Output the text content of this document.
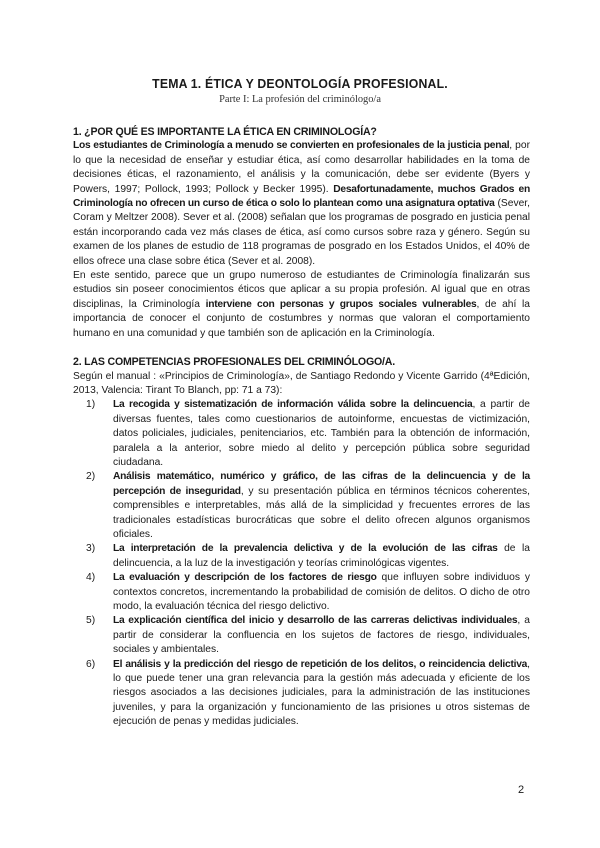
TEMA 1. ÉTICA Y DEONTOLOGÍA PROFESIONAL.
Parte I: La profesión del criminólogo/a

1. ¿POR QUÉ ES IMPORTANTE LA ÉTICA EN CRIMINOLOGÍA?

Los estudiantes de Criminología a menudo se convierten en profesionales de la justicia penal, por lo que la necesidad de enseñar y estudiar ética, así como desarrollar habilidades en la toma de decisiones éticas, el razonamiento, el análisis y la comunicación, debe ser evidente (Byers y Powers, 1997; Pollock, 1993; Pollock y Becker 1995). Desafortunadamente, muchos Grados en Criminología no ofrecen un curso de ética o solo lo plantean como una asignatura optativa (Sever, Coram y Meltzer 2008). Sever et al. (2008) señalan que los programas de posgrado en justicia penal están incorporando cada vez más clases de ética, así como cursos sobre raza y género. Según su examen de los planes de estudio de 118 programas de posgrado en los Estados Unidos, el 40% de ellos ofrece una clase sobre ética (Sever et al. 2008).

En este sentido, parece que un grupo numeroso de estudiantes de Criminología finalizarán sus estudios sin poseer conocimientos éticos que aplicar a su propia profesión. Al igual que en otras disciplinas, la Criminología interviene con personas y grupos sociales vulnerables, de ahí la importancia de conocer el conjunto de costumbres y normas que valoran el comportamiento humano en una comunidad y que también son de aplicación en la Criminología.

2. LAS COMPETENCIAS PROFESIONALES DEL CRIMINÓLOGO/A.

Según el manual : «Principios de Criminología», de Santiago Redondo y Vicente Garrido (4ªEdición, 2013, Valencia: Tirant To Blanch, pp: 71 a 73):

1) La recogida y sistematización de información válida sobre la delincuencia, a partir de diversas fuentes, tales como cuestionarios de autoinforme, encuestas de victimización, datos policiales, judiciales, penitenciarios, etc. También para la obtención de información, paralela a la anterior, sobre miedo al delito y percepción pública sobre seguridad ciudadana.
2) Análisis matemático, numérico y gráfico, de las cifras de la delincuencia y de la percepción de inseguridad, y su presentación pública en términos técnicos coherentes, comprensibles e interpretables, más allá de la simplicidad y frecuentes errores de las tradicionales estadísticas burocráticas que sobre el delito ofrecen algunos organismos oficiales.
3) La interpretación de la prevalencia delictiva y de la evolución de las cifras de la delincuencia, a la luz de la investigación y teorías criminológicas vigentes.
4) La evaluación y descripción de los factores de riesgo que influyen sobre individuos y contextos concretos, incrementando la probabilidad de comisión de delitos. O dicho de otro modo, la evaluación técnica del riesgo delictivo.
5) La explicación científica del inicio y desarrollo de las carreras delictivas individuales, a partir de considerar la confluencia en los sujetos de factores de riesgo, individuales, sociales y ambientales.
6) El análisis y la predicción del riesgo de repetición de los delitos, o reincidencia delictiva, lo que puede tener una gran relevancia para la gestión más adecuada y eficiente de los riesgos asociados a las decisiones judiciales, para la administración de las instituciones juveniles, y para la organización y funcionamiento de las prisiones u otros sistemas de ejecución de penas y medidas judiciales.
2
